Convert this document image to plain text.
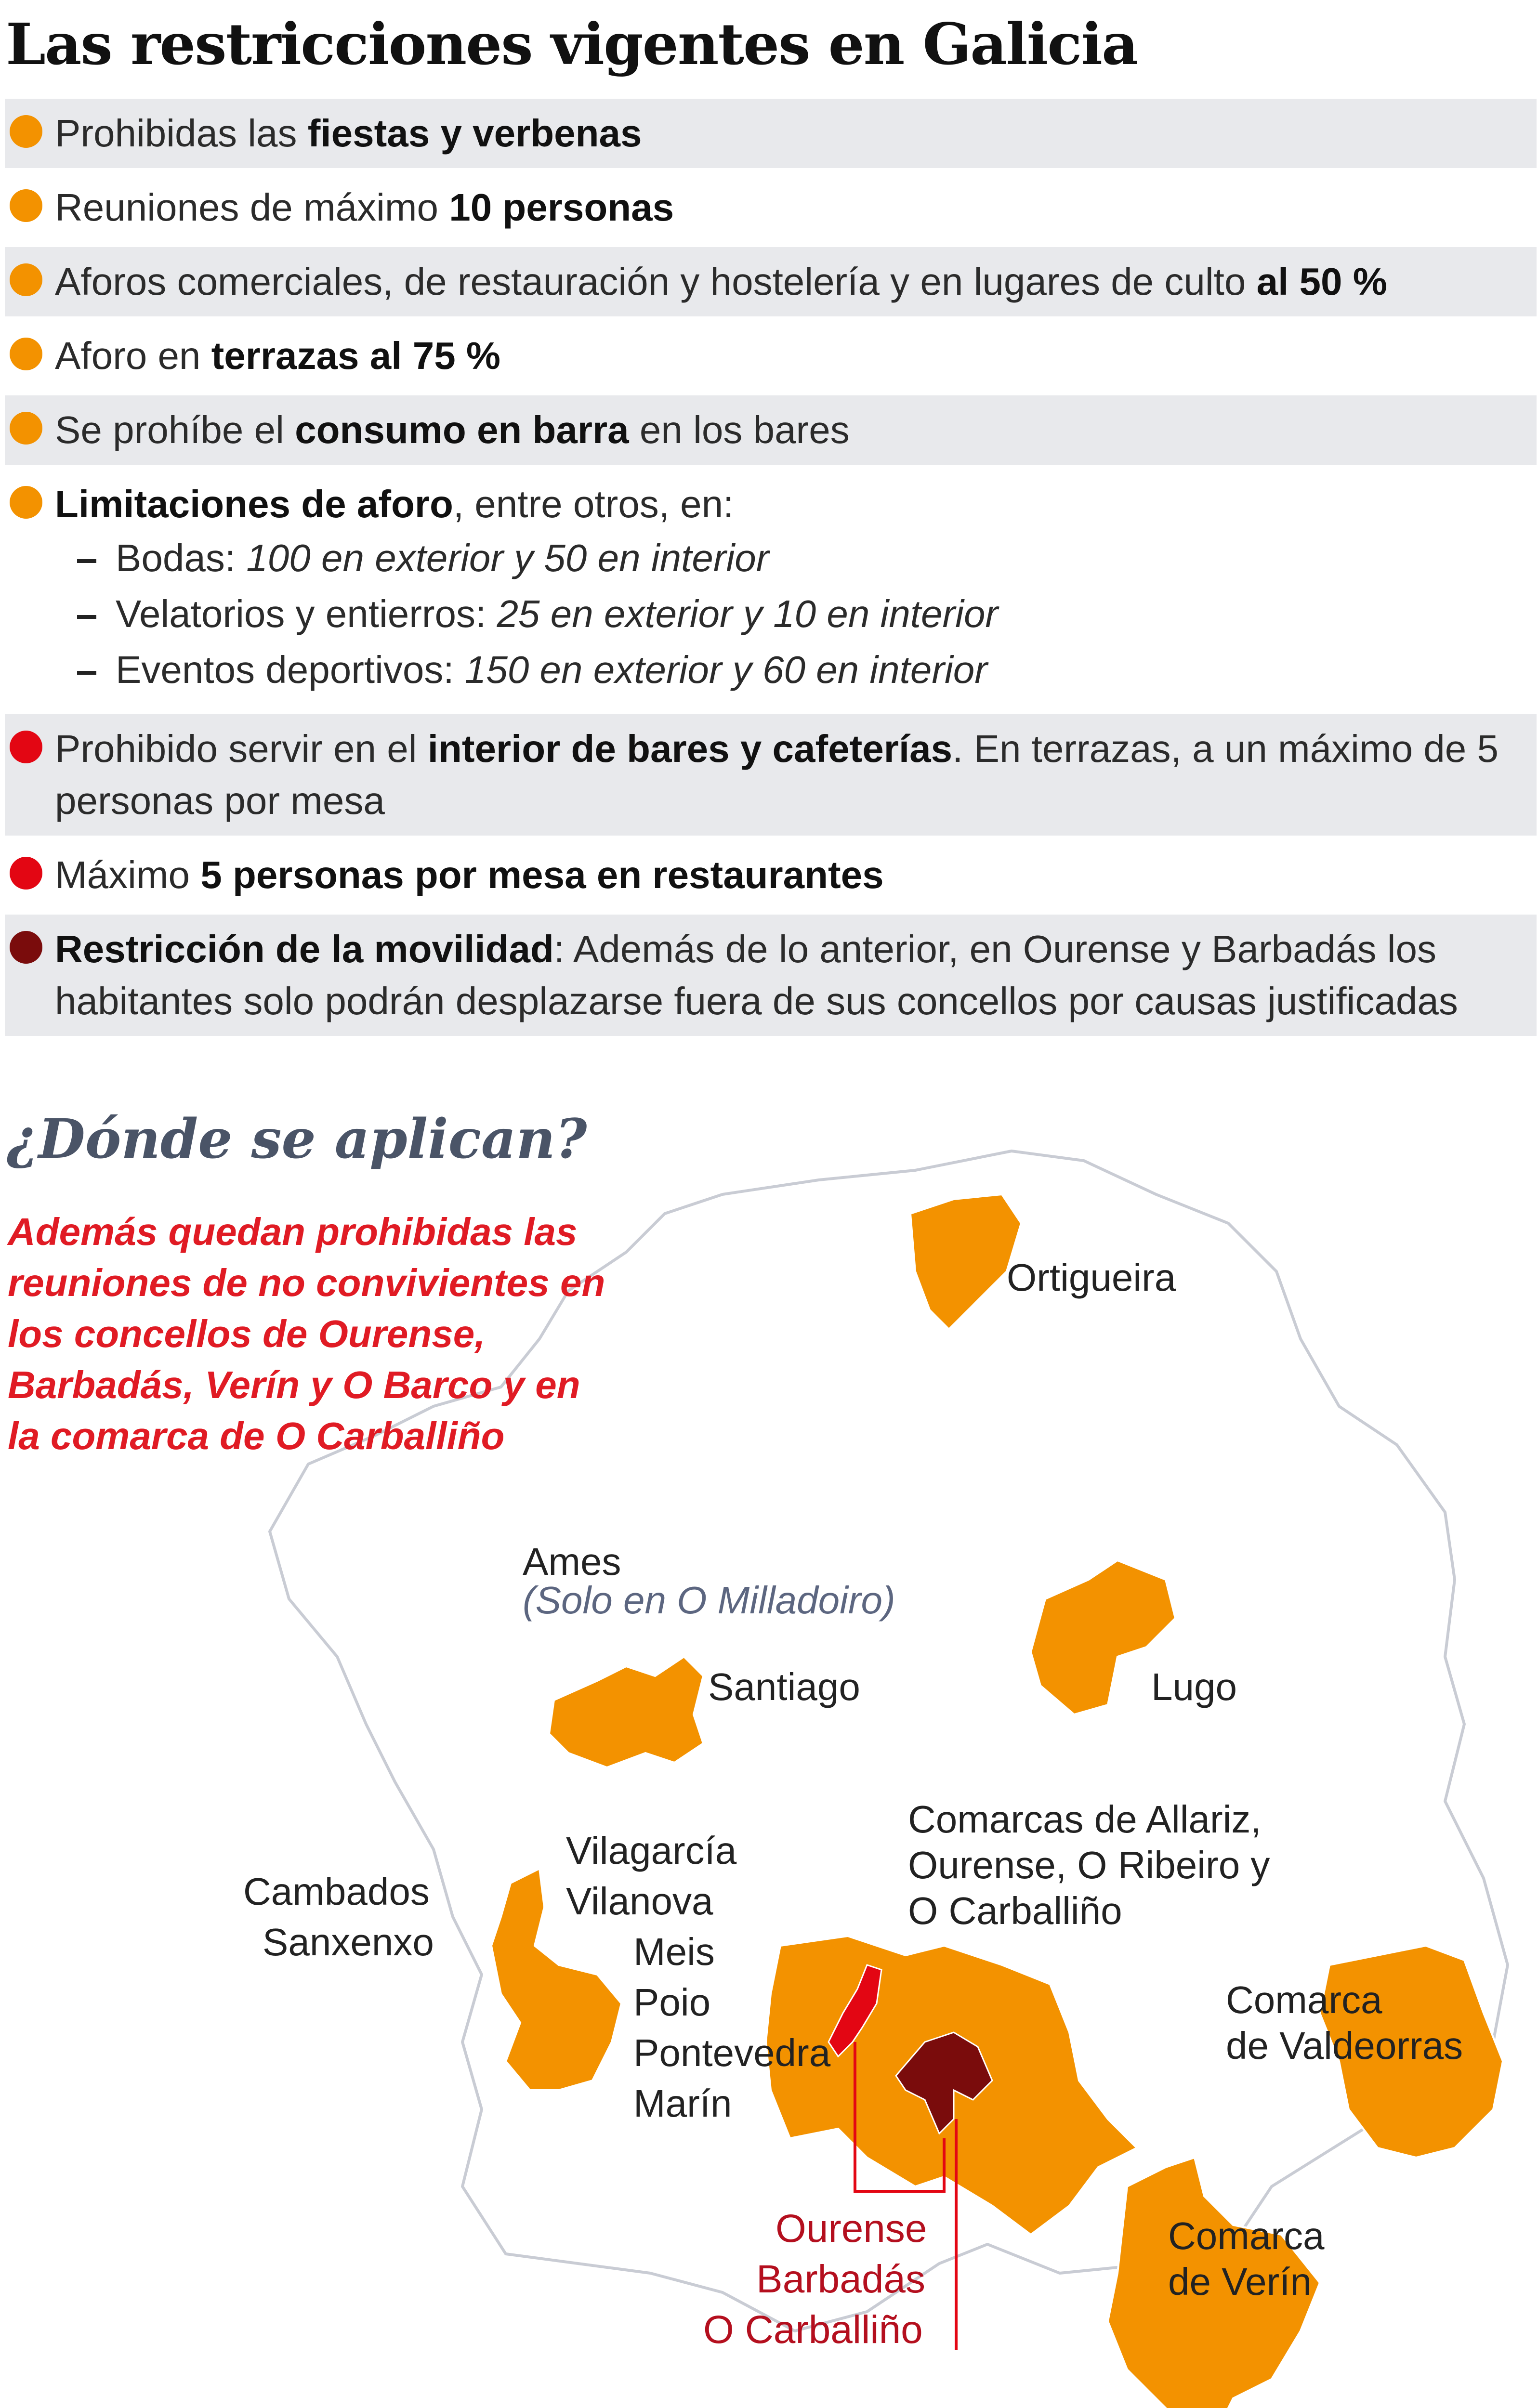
Las restricciones vigentes en Galicia
Prohibidas las fiestas y verbenas
Reuniones de máximo 10 personas
Aforos comerciales, de restauración y hostelería y en lugares de culto al 50 %
Aforo en terrazas al 75 %
Se prohíbe el consumo en barra en los bares
Limitaciones de aforo, entre otros, en:
Bodas: 100 en exterior y 50 en interior
Velatorios y entierros: 25 en exterior y 10 en interior
Eventos deportivos: 150 en exterior y 60 en interior
Prohibido servir en el interior de bares y cafeterías. En terrazas, a un máximo de 5 personas por mesa
Máximo 5 personas por mesa en restaurantes
Restricción de la movilidad: Además de lo anterior, en Ourense y Barbadás los habitantes solo podrán desplazarse fuera de sus concellos por causas justificadas
Ortigueira
Ames
(Solo en O Milladoiro)
Santiago	Lugo
Vilagarcía
Vilanova
Meis
Poio
Pontevedra
Marín
Cambados
Sanxenxo
Comarcas de Allariz,
Ourense, O Ribeiro y
O Carballiño
Comarca
de Valdeorras
Comarca
de Verín
Ourense
Barbadás
O Carballiño
¿Dónde se aplican?
Además quedan prohibidas las reuniones de no convivientes en los concellos de Ourense, Barbadás, Verín y O Barco y en la comarca de O Carballiño
